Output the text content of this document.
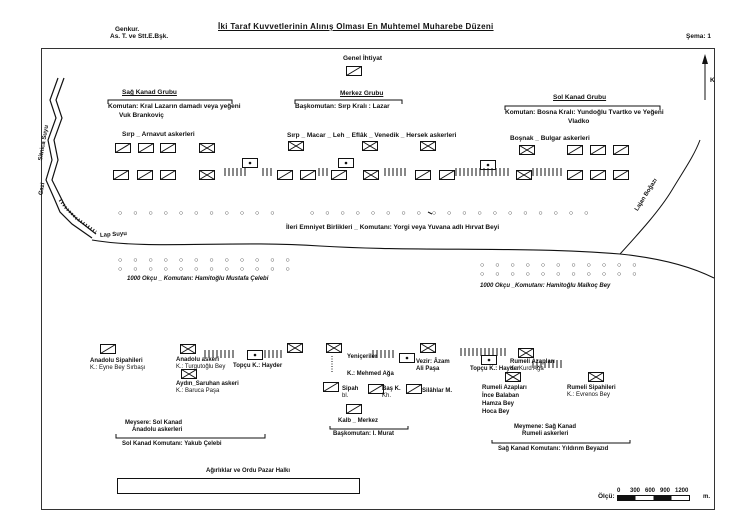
Genkur.
As. T. ve Stt.E.Bşk.
İki Taraf Kuvvetlerinin Alınış Olması En Muhtemel Muharebe Düzeni
Şema: 1
Lap Suyu
Sitnica Suyu
Gazi	Lajan Boğazı
K
Genel İhtiyat
Sağ Kanad Grubu
Komutan: Kral Lazarın damadı veya yeğeni
Vuk Brankoviç
Sırp _ Arnavut askerleri
Merkez Grubu
Başkomutan: Sırp Kralı : Lazar
Sırp _ Macar _ Leh _ Eflâk _ Venedik _ Hersek askerleri
Sol Kanad Grubu
Komutan: Bosna Kralı: Yundoğlu Tvartko ve Yeğeni
Vladko
Boşnak _ Bulgar askerleri
○○○○○○○○○○○	○○○○○○○○○○○○○○○○○○○
İleri Emniyet Birlikleri _ Komutanı: Yorgi veya Yuvana adlı Hırvat Beyi
○○○○○○○○○○○○
○○○○○○○○○○○○
1000 Okçu _ Komutanı: Hamitoğlu Mustafa Çelebi
○○○○○○○○○○○
○○○○○○○○○○○
1000 Okçu _Komutanı: Hamitoğlu Malkoç Bey
Anadolu Sipahileri
K.: Eyne Bey Sırbaşı
Anadolu askeri
K.: Turgutoğlu Bey Topçu K.: Hayder
Aydın_Saruhan askeri
K.: Baruca Paşa
Yeniçeriler
K.: Mehmed Ağa
Vezir: Âzam
Ali Paşa
Rumeli Azapları
K.: Kurd Ağa
Topçu K.: Hayder
Rumeli Azapları
İnce Balaban
Hamza Bey
Hoca Bey
Rumeli Sipahileri
K.: Evrenos Bey
Sipah
bl.
Baş K.
Kh.
Silâhlar M.
Kalb _ Merkez
Başkomutan: I. Murat
Meysere: Sol Kanad
Anadolu askerleri
Sol Kanad Komutanı: Yakub Çelebi
Meymene: Sağ Kanad
Rumeli askerleri
Sağ Kanad Komutanı: Yıldırım Beyazıd
Ağırlıklar ve Ordu Pazar Halkı
Ölçü:
0 300 600 900 1200
m.
